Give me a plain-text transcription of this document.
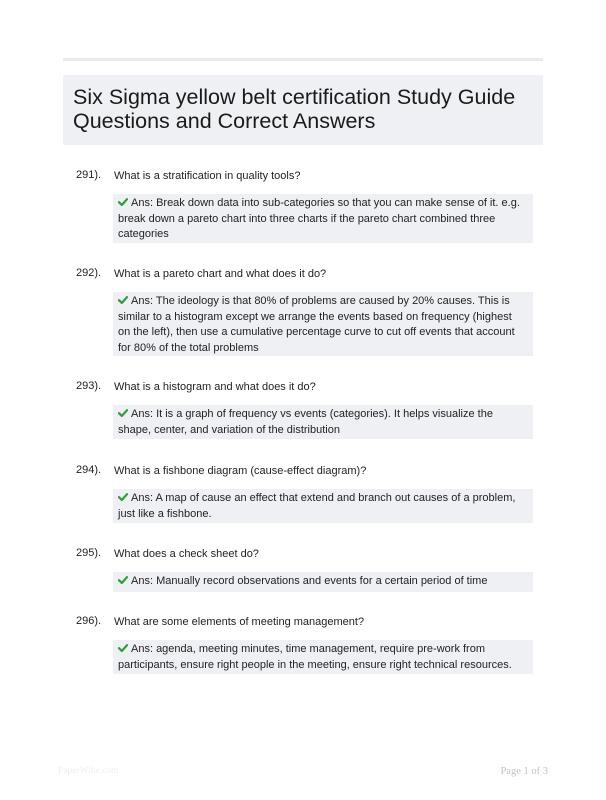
Six Sigma yellow belt certification Study Guide Questions and Correct Answers
291). What is a stratification in quality tools?
Ans: Break down data into sub-categories so that you can make sense of it. e.g. break down a pareto chart into three charts if the pareto chart combined three categories
292). What is a pareto chart and what does it do?
Ans: The ideology is that 80% of problems are caused by 20% causes. This is similar to a histogram except we arrange the events based on frequency (highest on the left), then use a cumulative percentage curve to cut off events that account for 80% of the total problems
293). What is a histogram and what does it do?
Ans: It is a graph of frequency vs events (categories). It helps visualize the shape, center, and variation of the distribution
294). What is a fishbone diagram (cause-effect diagram)?
Ans: A map of cause an effect that extend and branch out causes of a problem, just like a fishbone.
295). What does a check sheet do?
Ans: Manually record observations and events for a certain period of time
296). What are some elements of meeting management?
Ans: agenda, meeting minutes, time management, require pre-work from participants, ensure right people in the meeting, ensure right technical resources.
PaperWibe.com	Page 1 of 3
